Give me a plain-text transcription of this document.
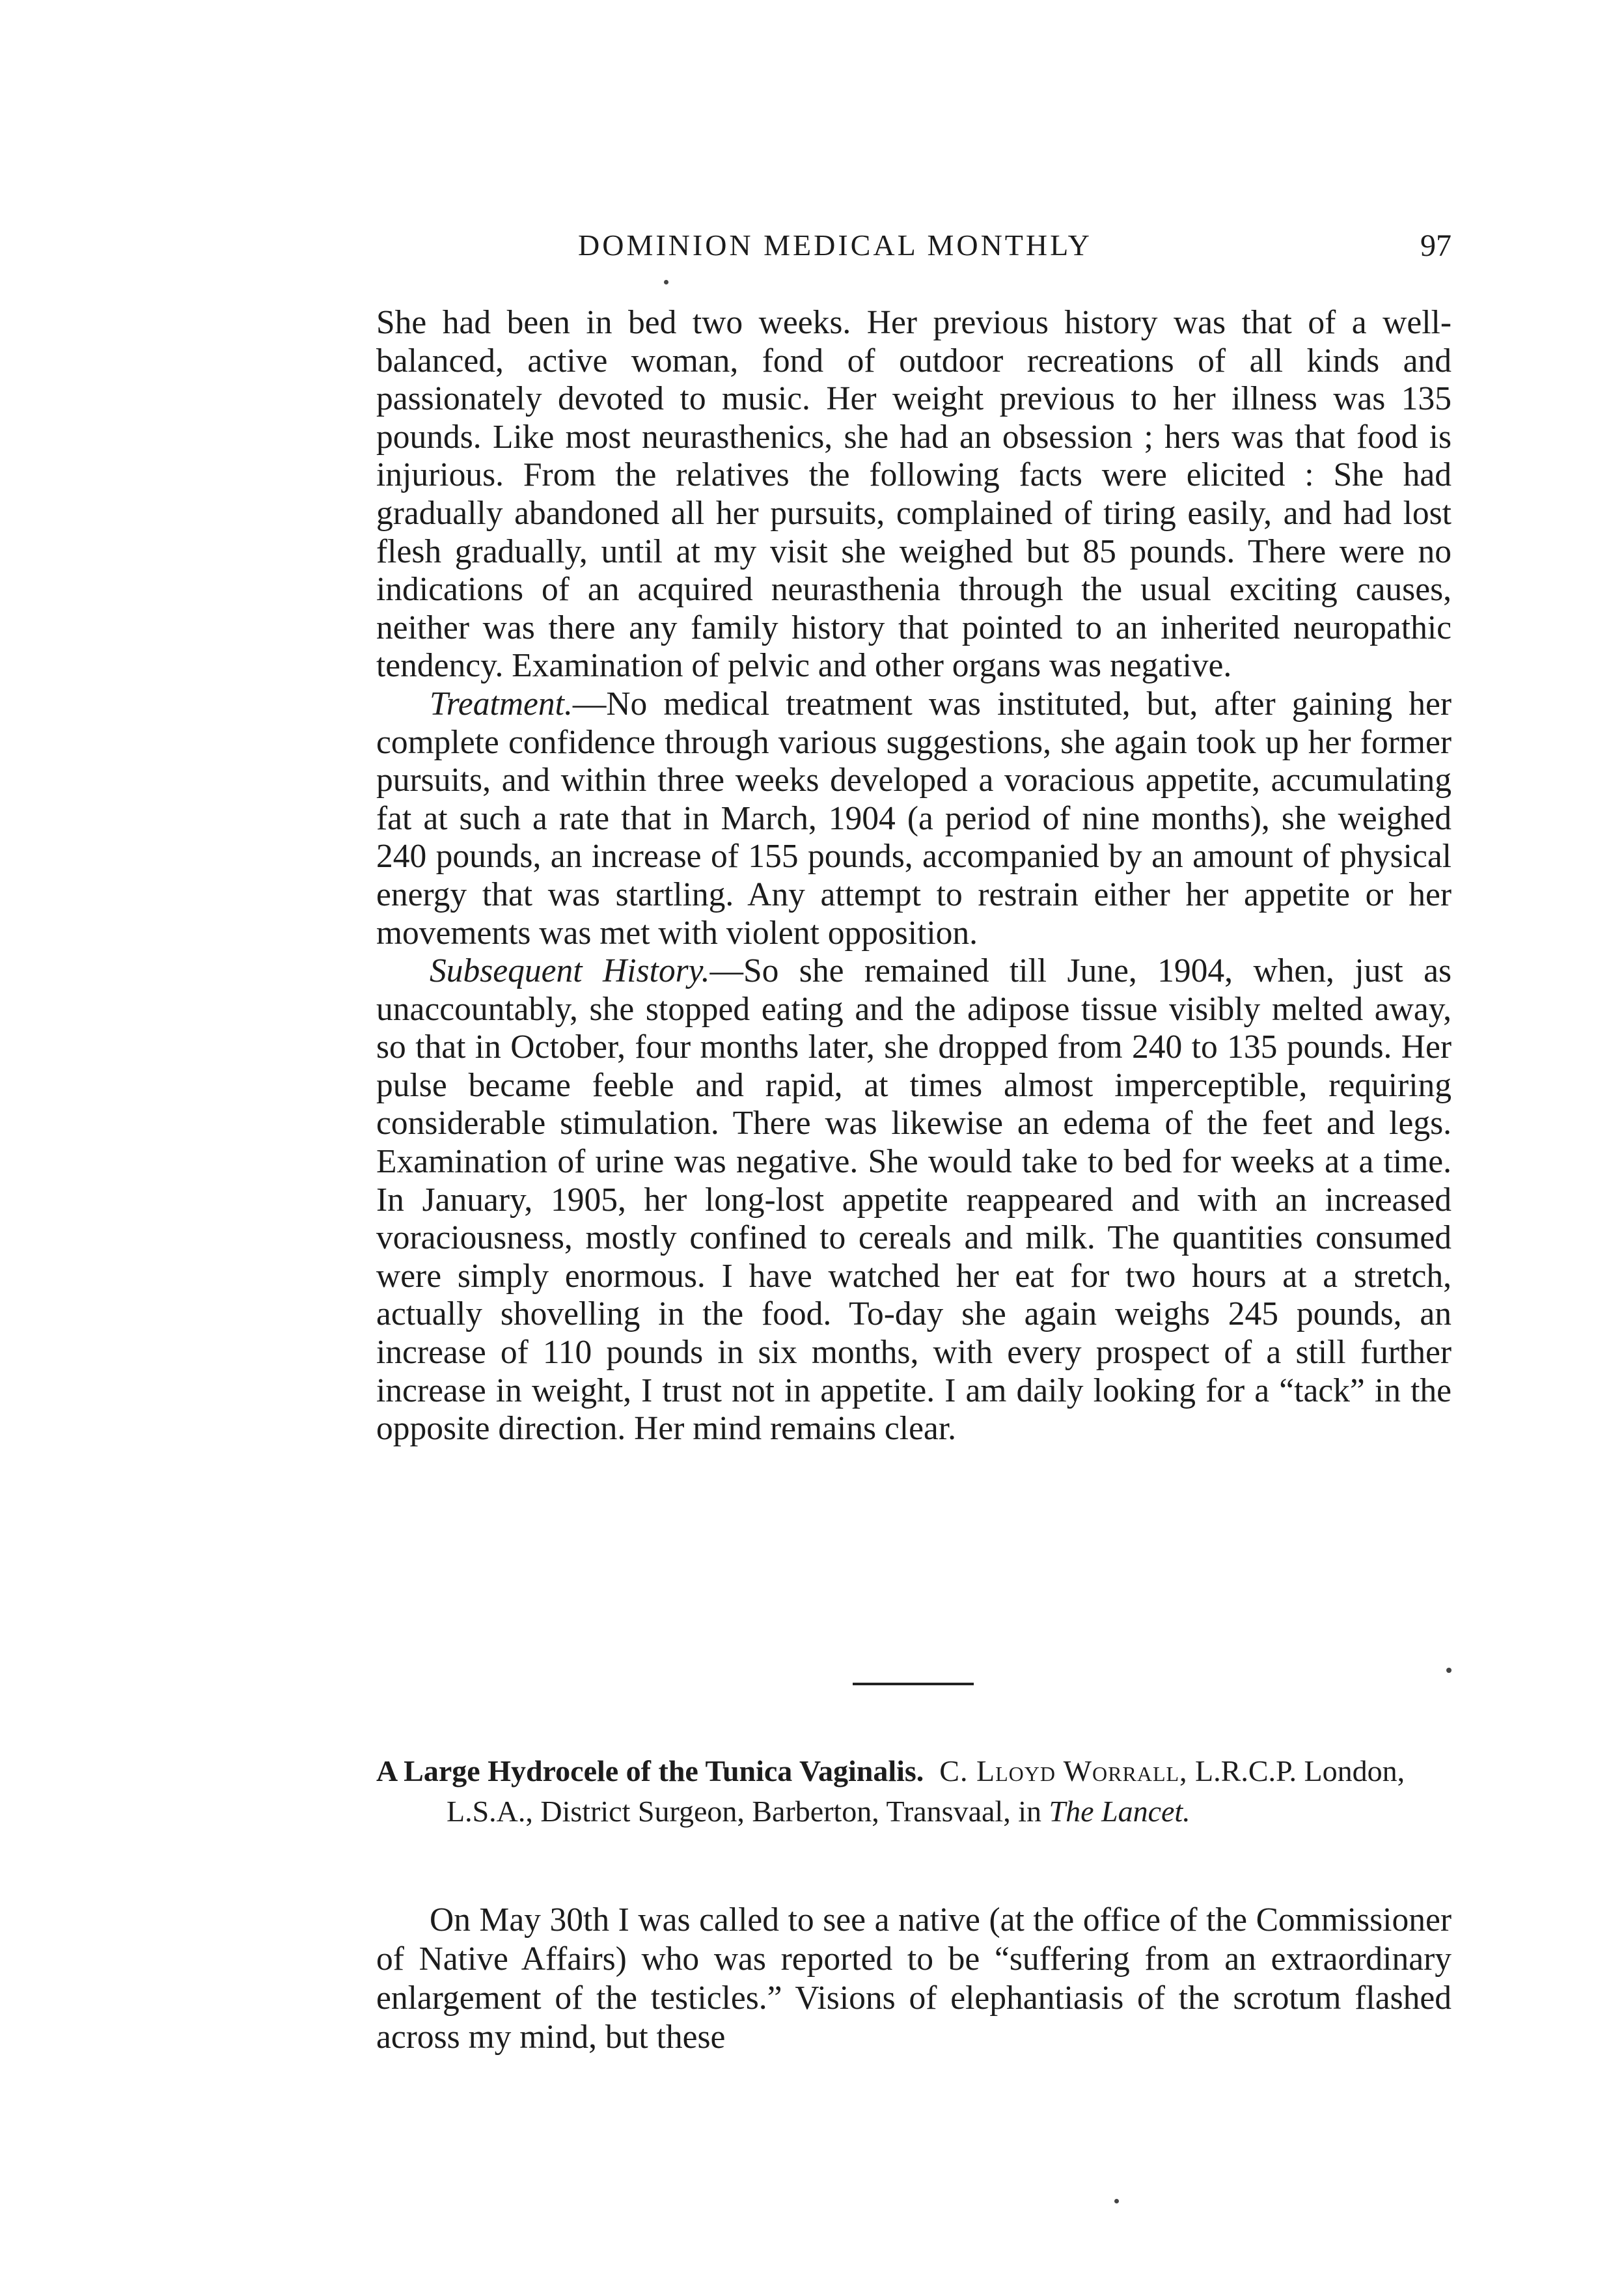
DOMINION MEDICAL MONTHLY	97

She had been in bed two weeks. Her previous history was that of a well-balanced, active woman, fond of outdoor recreations of all kinds and passionately devoted to music. Her weight previous to her illness was 135 pounds. Like most neurasthenics, she had an obsession ; hers was that food is injurious. From the relatives the following facts were elicited : She had gradually abandoned all her pursuits, complained of tiring easily, and had lost flesh gradually, until at my visit she weighed but 85 pounds. There were no indications of an acquired neurasthenia through the usual exciting causes, neither was there any family history that pointed to an inherited neuropathic tendency. Examination of pelvic and other organs was negative.

Treatment.—No medical treatment was instituted, but, after gaining her complete confidence through various suggestions, she again took up her former pursuits, and within three weeks developed a voracious appetite, accumulating fat at such a rate that in March, 1904 (a period of nine months), she weighed 240 pounds, an increase of 155 pounds, accompanied by an amount of physical energy that was startling. Any attempt to restrain either her appetite or her movements was met with violent opposition.

Subsequent History.—So she remained till June, 1904, when, just as unaccountably, she stopped eating and the adipose tissue visibly melted away, so that in October, four months later, she dropped from 240 to 135 pounds. Her pulse became feeble and rapid, at times almost imperceptible, requiring considerable stimulation. There was likewise an edema of the feet and legs. Examination of urine was negative. She would take to bed for weeks at a time. In January, 1905, her long-lost appetite reappeared and with an increased voraciousness, mostly confined to cereals and milk. The quantities consumed were simply enormous. I have watched her eat for two hours at a stretch, actually shovelling in the food. To-day she again weighs 245 pounds, an increase of 110 pounds in six months, with every prospect of a still further increase in weight, I trust not in appetite. I am daily looking for a “tack” in the opposite direction. Her mind remains clear.

A Large Hydrocele of the Tunica Vaginalis. C. Lloyd Worrall, L.R.C.P. London, L.S.A., District Surgeon, Barberton, Transvaal, in The Lancet.

On May 30th I was called to see a native (at the office of the Commissioner of Native Affairs) who was reported to be “suffering from an extraordinary enlargement of the testicles.” Visions of elephantiasis of the scrotum flashed across my mind, but these
